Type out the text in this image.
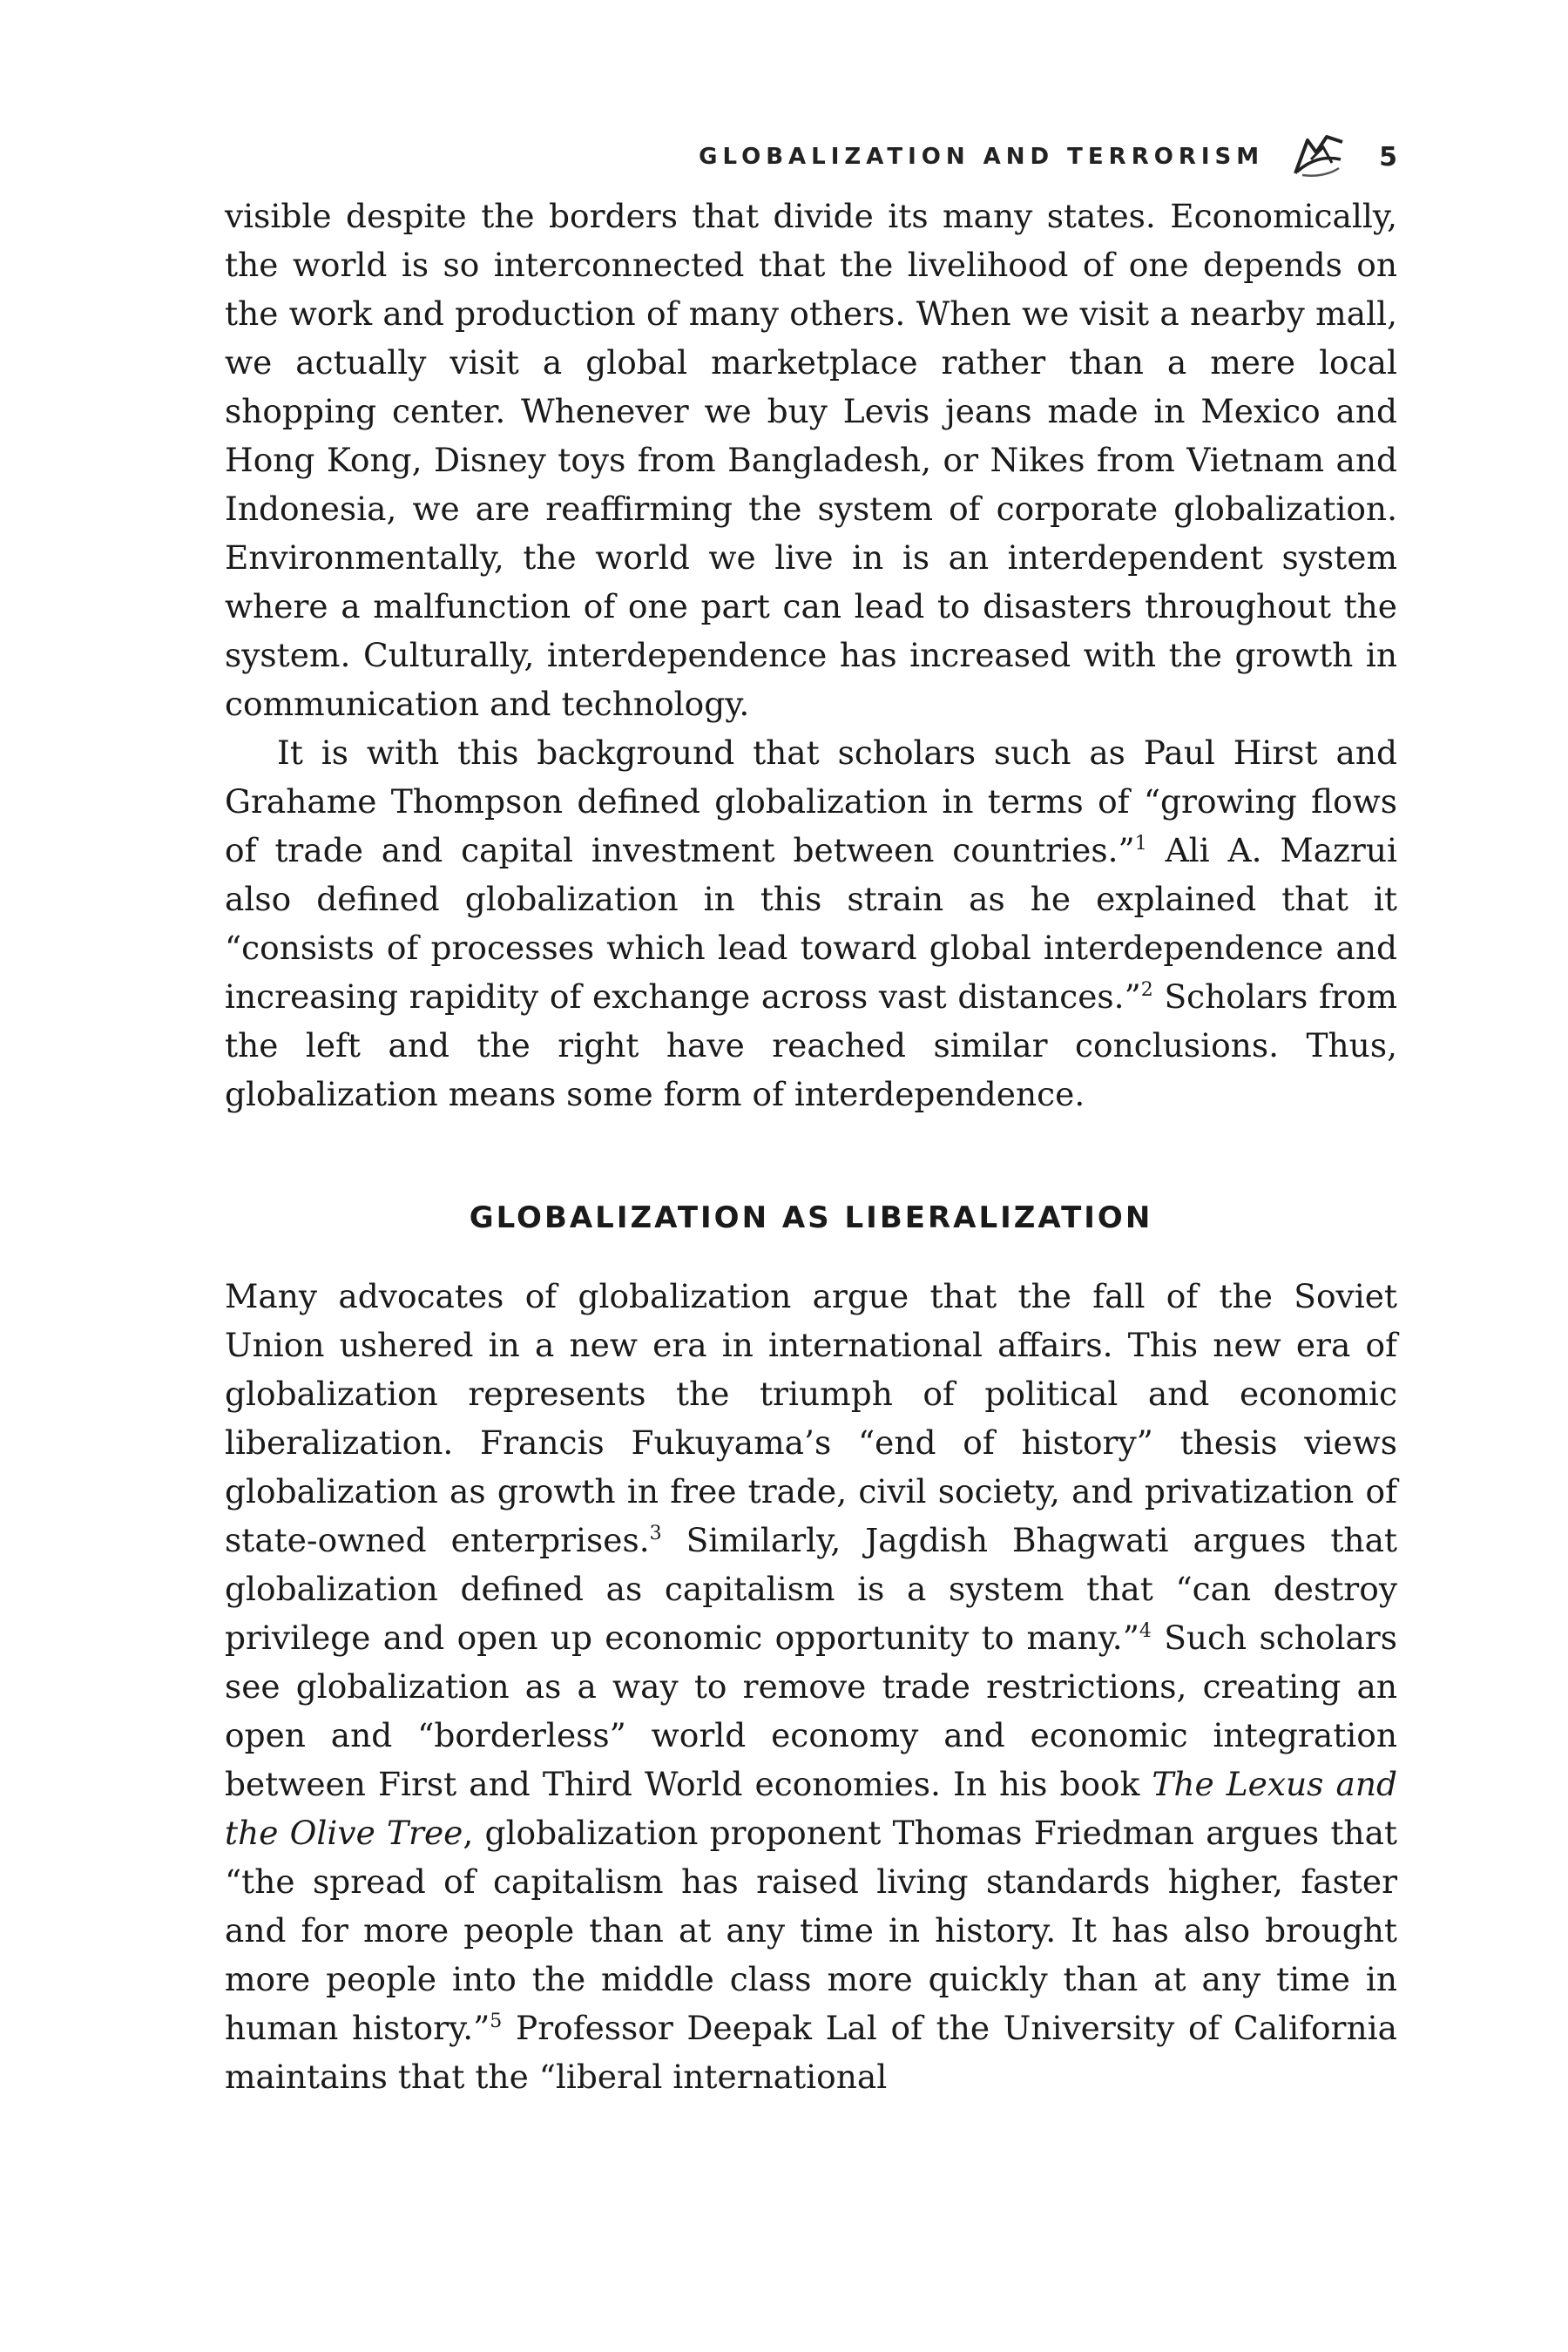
GLOBALIZATION AND TERRORISM	5

visible despite the borders that divide its many states. Economically, the world is so interconnected that the livelihood of one depends on the work and production of many others. When we visit a nearby mall, we actually visit a global marketplace rather than a mere local shopping center. Whenever we buy Levis jeans made in Mexico and Hong Kong, Disney toys from Bangladesh, or Nikes from Vietnam and Indonesia, we are reaffirming the system of corporate globalization. Environmentally, the world we live in is an interdependent system where a malfunction of one part can lead to disasters throughout the system. Culturally, interdependence has increased with the growth in communication and technology.

It is with this background that scholars such as Paul Hirst and Grahame Thompson defined globalization in terms of “growing flows of trade and capital investment between countries.”$^1$ Ali A. Mazrui also defined globalization in this strain as he explained that it “consists of processes which lead toward global interdependence and increasing rapidity of exchange across vast distances.”$^2$ Scholars from the left and the right have reached similar conclusions. Thus, globalization means some form of interdependence.

GLOBALIZATION AS LIBERALIZATION

Many advocates of globalization argue that the fall of the Soviet Union ushered in a new era in international affairs. This new era of globalization represents the triumph of political and economic liberalization. Francis Fukuyama’s “end of history” thesis views globalization as growth in free trade, civil society, and privatization of state-owned enterprises.$^3$ Similarly, Jagdish Bhagwati argues that globalization defined as capitalism is a system that “can destroy privilege and open up economic opportunity to many.”$^4$ Such scholars see globalization as a way to remove trade restrictions, creating an open and “borderless” world economy and economic integration between First and Third World economies. In his book The Lexus and the Olive Tree, globalization proponent Thomas Friedman argues that “the spread of capitalism has raised living standards higher, faster and for more people than at any time in history. It has also brought more people into the middle class more quickly than at any time in human history.”$^5$ Professor Deepak Lal of the University of California maintains that the “liberal international
